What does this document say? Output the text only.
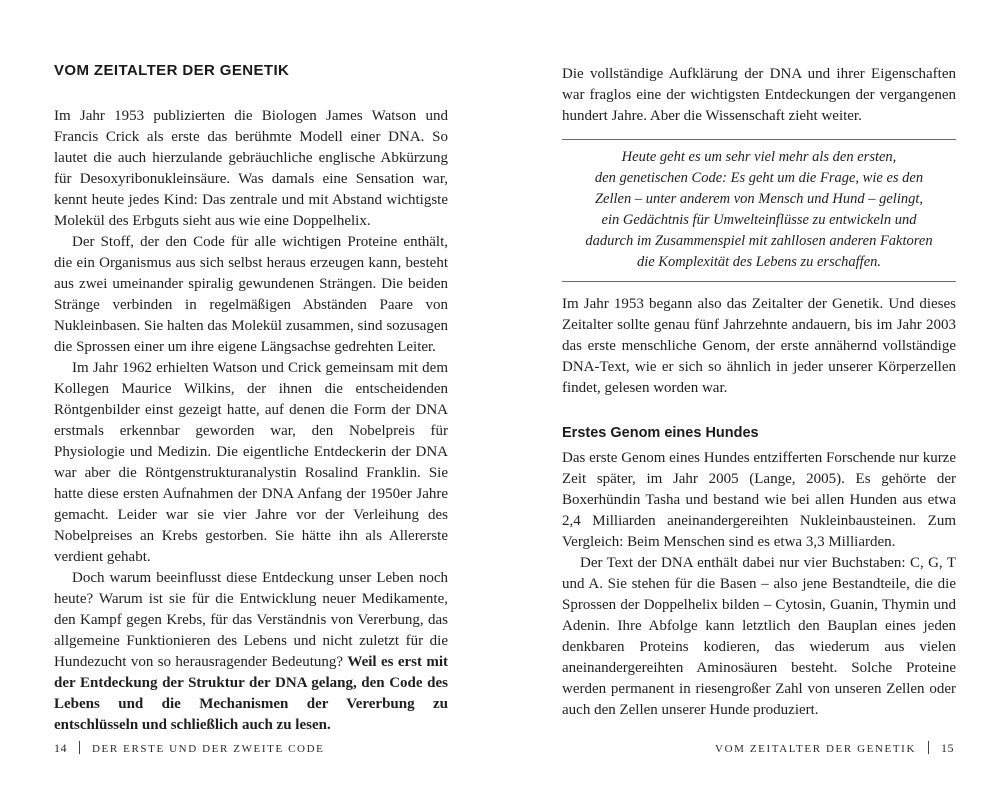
VOM ZEITALTER DER GENETIK

Im Jahr 1953 publizierten die Biologen James Watson und Francis Crick als erste das berühmte Modell einer DNA. So lautet die auch hierzulande gebräuchliche englische Abkürzung für Desoxyribonukleinsäure. Was damals eine Sensation war, kennt heute jedes Kind: Das zentrale und mit Abstand wichtigste Molekül des Erbguts sieht aus wie eine Doppelhelix.

Der Stoff, der den Code für alle wichtigen Proteine enthält, die ein Organismus aus sich selbst heraus erzeugen kann, besteht aus zwei umeinander spiralig gewundenen Strängen. Die beiden Stränge verbinden in regelmäßigen Abständen Paare von Nukleinbasen. Sie halten das Molekül zusammen, sind sozusagen die Sprossen einer um ihre eigene Längsachse gedrehten Leiter.

Im Jahr 1962 erhielten Watson und Crick gemeinsam mit dem Kollegen Maurice Wilkins, der ihnen die entscheidenden Röntgenbilder einst gezeigt hatte, auf denen die Form der DNA erstmals erkennbar geworden war, den Nobelpreis für Physiologie und Medizin. Die eigentliche Entdeckerin der DNA war aber die Röntgenstrukturanalystin Rosalind Franklin. Sie hatte diese ersten Aufnahmen der DNA Anfang der 1950er Jahre gemacht. Leider war sie vier Jahre vor der Verleihung des Nobelpreises an Krebs gestorben. Sie hätte ihn als Allererste verdient gehabt.

Doch warum beeinflusst diese Entdeckung unser Leben noch heute? Warum ist sie für die Entwicklung neuer Medikamente, den Kampf gegen Krebs, für das Verständnis von Vererbung, das allgemeine Funktionieren des Lebens und nicht zuletzt für die Hundezucht von so herausragender Bedeutung? Weil es erst mit der Entdeckung der Struktur der DNA gelang, den Code des Lebens und die Mechanismen der Vererbung zu entschlüsseln und schließlich auch zu lesen.

14 DER ERSTE UND DER ZWEITE CODE

Die vollständige Aufklärung der DNA und ihrer Eigenschaften war fraglos eine der wichtigsten Entdeckungen der vergangenen hundert Jahre. Aber die Wissenschaft zieht weiter.

Heute geht es um sehr viel mehr als den ersten,
den genetischen Code: Es geht um die Frage, wie es den
Zellen – unter anderem von Mensch und Hund – gelingt,
ein Gedächtnis für Umwelteinflüsse zu entwickeln und
dadurch im Zusammenspiel mit zahllosen anderen Faktoren
die Komplexität des Lebens zu erschaffen.

Im Jahr 1953 begann also das Zeitalter der Genetik. Und dieses Zeitalter sollte genau fünf Jahrzehnte andauern, bis im Jahr 2003 das erste menschliche Genom, der erste annähernd vollständige DNA-Text, wie er sich so ähnlich in jeder unserer Körperzellen findet, gelesen worden war.

Erstes Genom eines Hundes

Das erste Genom eines Hundes entzifferten Forschende nur kurze Zeit später, im Jahr 2005 (Lange, 2005). Es gehörte der Boxerhündin Tasha und bestand wie bei allen Hunden aus etwa 2,4 Milliarden aneinandergereihten Nukleinbausteinen. Zum Vergleich: Beim Menschen sind es etwa 3,3 Milliarden.

Der Text der DNA enthält dabei nur vier Buchstaben: C, G, T und A. Sie stehen für die Basen – also jene Bestandteile, die die Sprossen der Doppelhelix bilden – Cytosin, Guanin, Thymin und Adenin. Ihre Abfolge kann letztlich den Bauplan eines jeden denkbaren Proteins kodieren, das wiederum aus vielen aneinandergereihten Aminosäuren besteht. Solche Proteine werden permanent in riesengroßer Zahl von unseren Zellen oder auch den Zellen unserer Hunde produziert.

VOM ZEITALTER DER GENETIK 15
